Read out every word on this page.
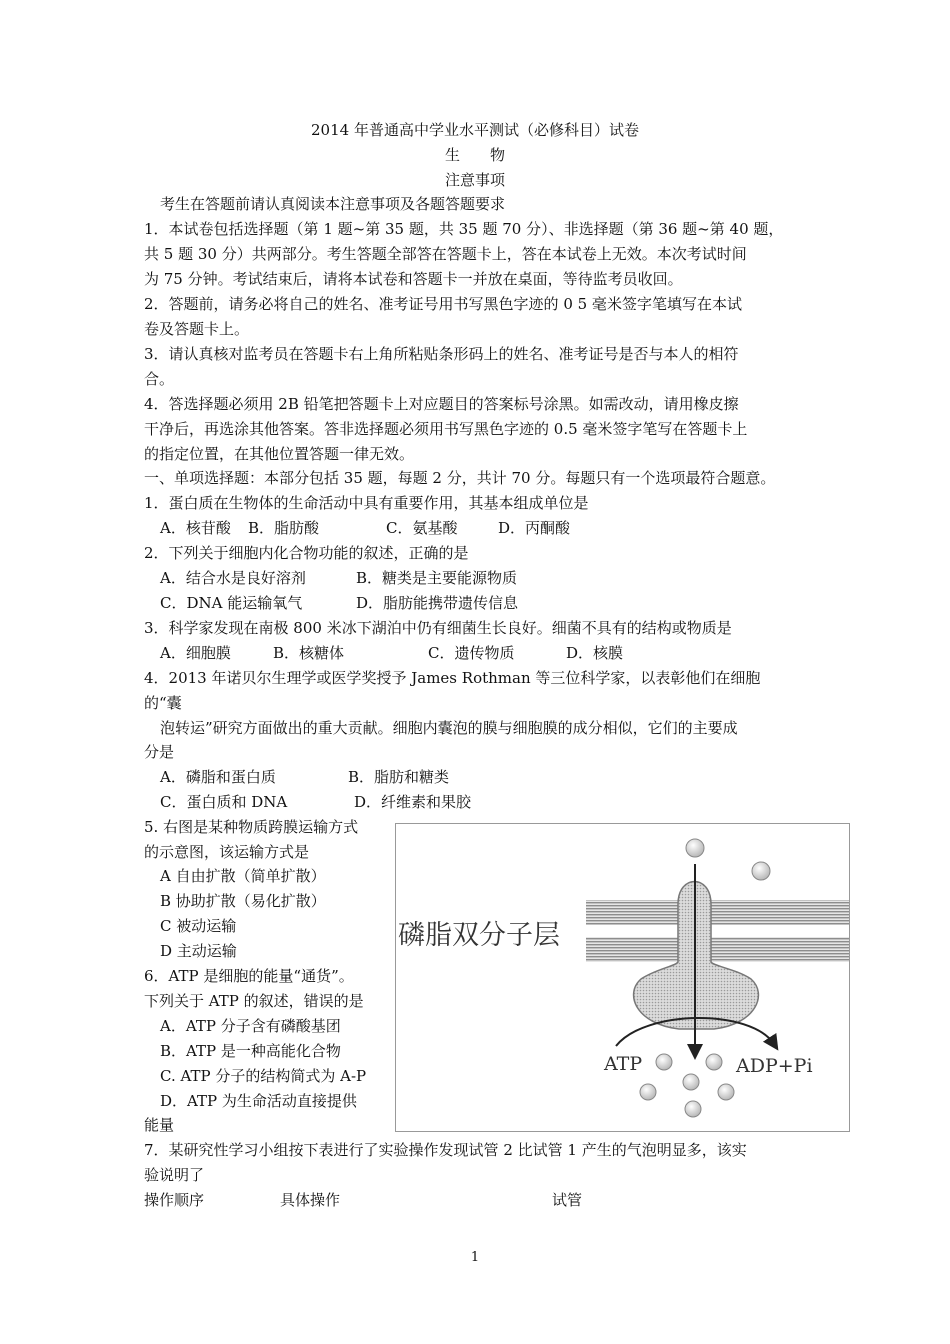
2014 年普通高中学业水平测试（必修科目）试卷
生　　物
注意事项
考生在答题前请认真阅读本注意事项及各题答题要求
1．本试卷包括选择题（第 1 题~第 35 题，共 35 题 70 分）、非选择题（第 36 题~第 40 题，
共 5 题 30 分）共两部分。考生答题全部答在答题卡上，答在本试卷上无效。本次考试时间
为 75 分钟。考试结束后，请将本试卷和答题卡一并放在桌面，等待监考员收回。
2．答题前，请务必将自己的姓名、准考证号用书写黑色字迹的 0 5 毫米签字笔填写在本试
卷及答题卡上。
3．请认真核对监考员在答题卡右上角所粘贴条形码上的姓名、准考证号是否与本人的相符
合。
4．答选择题必须用 2B 铅笔把答题卡上对应题目的答案标号涂黑。如需改动，请用橡皮擦
干净后，再选涂其他答案。答非选择题必须用书写黑色字迹的 0.5 毫米签字笔写在答题卡上
的指定位置，在其他位置答题一律无效。
一、单项选择题：本部分包括 35 题，每题 2 分，共计 70 分。每题只有一个选项最符合题意。
1．蛋白质在生物体的生命活动中具有重要作用，其基本组成单位是
A．核苷酸 B．脂肪酸	C．氨基酸	D．丙酮酸
2．下列关于细胞内化合物功能的叙述，正确的是
A．结合水是良好溶剂	B．糖类是主要能源物质
C．DNA 能运输氧气	D．脂肪能携带遗传信息
3．科学家发现在南极 800 米冰下湖泊中仍有细菌生长良好。细菌不具有的结构或物质是
A．细胞膜	B．核糖体	C．遗传物质	D．核膜
4．2013 年诺贝尔生理学或医学奖授予 James Rothman 等三位科学家，以表彰他们在细胞
的“囊
泡转运”研究方面做出的重大贡献。细胞内囊泡的膜与细胞膜的成分相似，它们的主要成
分是
A．磷脂和蛋白质	B．脂肪和糖类
C．蛋白质和 DNA	D．纤维素和果胶
5. 右图是某种物质跨膜运输方式
的示意图，该运输方式是
A 自由扩散（简单扩散）
B 协助扩散（易化扩散）
C 被动运输
D 主动运输
6．ATP 是细胞的能量“通货”。
下列关于 ATP 的叙述，错误的是
A．ATP 分子含有磷酸基团
B．ATP 是一种高能化合物
C. ATP 分子的结构简式为 A-P
D．ATP 为生命活动直接提供
能量
7．某研究性学习小组按下表进行了实验操作发现试管 2 比试管 1 产生的气泡明显多，该实
验说明了
操作顺序	具体操作	试管
磷脂双分子层
ATP	ADP+Pi
1
